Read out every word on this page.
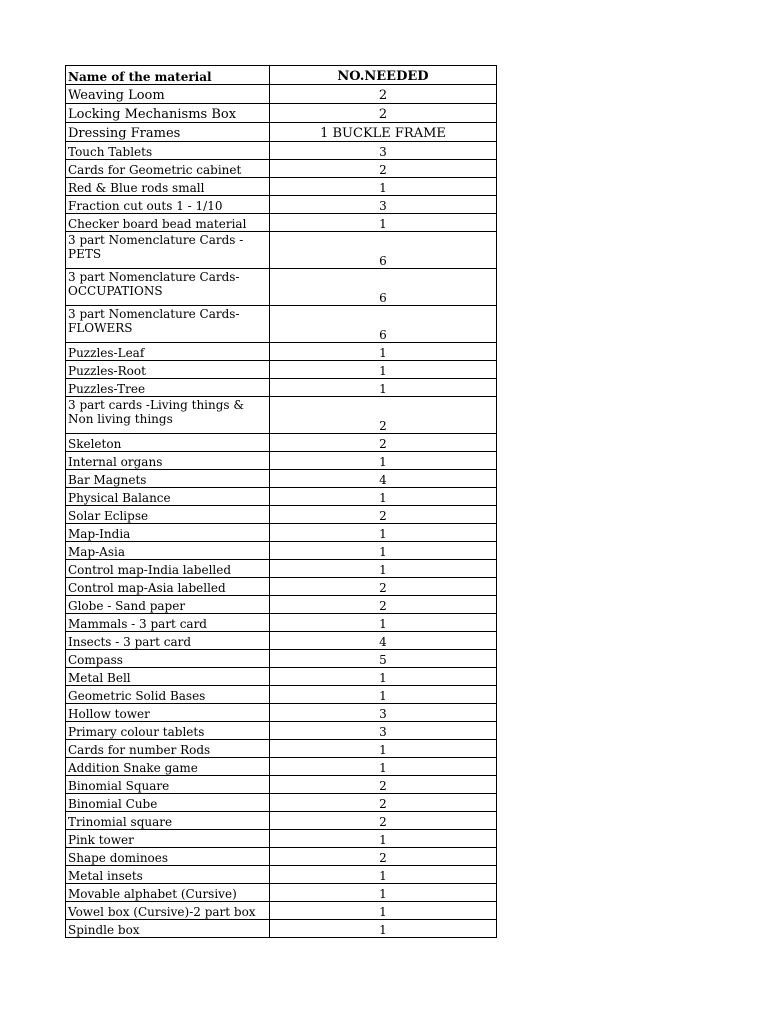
Name of the material	NO.NEEDED
Weaving Loom	2
Locking Mechanisms Box	2
Dressing Frames	1 BUCKLE FRAME
Touch Tablets	3
Cards for Geometric cabinet	2
Red & Blue rods small	1
Fraction cut outs 1 - 1/10	3
Checker board bead material	1
3 part Nomenclature Cards - PETS	6
3 part Nomenclature Cards- OCCUPATIONS	6
3 part Nomenclature Cards- FLOWERS	6
Puzzles-Leaf	1
Puzzles-Root	1
Puzzles-Tree	1
3 part cards -Living things & Non living things	2
Skeleton	2
Internal organs	1
Bar Magnets	4
Physical Balance	1
Solar Eclipse	2
Map-India	1
Map-Asia	1
Control map-India labelled	1
Control map-Asia labelled	2
Globe - Sand paper	2
Mammals - 3 part card	1
Insects - 3 part card	4
Compass	5
Metal Bell	1
Geometric Solid Bases	1
Hollow tower	3
Primary colour tablets	3
Cards for number Rods	1
Addition Snake game	1
Binomial Square	2
Binomial Cube	2
Trinomial square	2
Pink tower	1
Shape dominoes	2
Metal insets	1
Movable alphabet (Cursive)	1
Vowel box (Cursive)-2 part box	1
Spindle box	1
